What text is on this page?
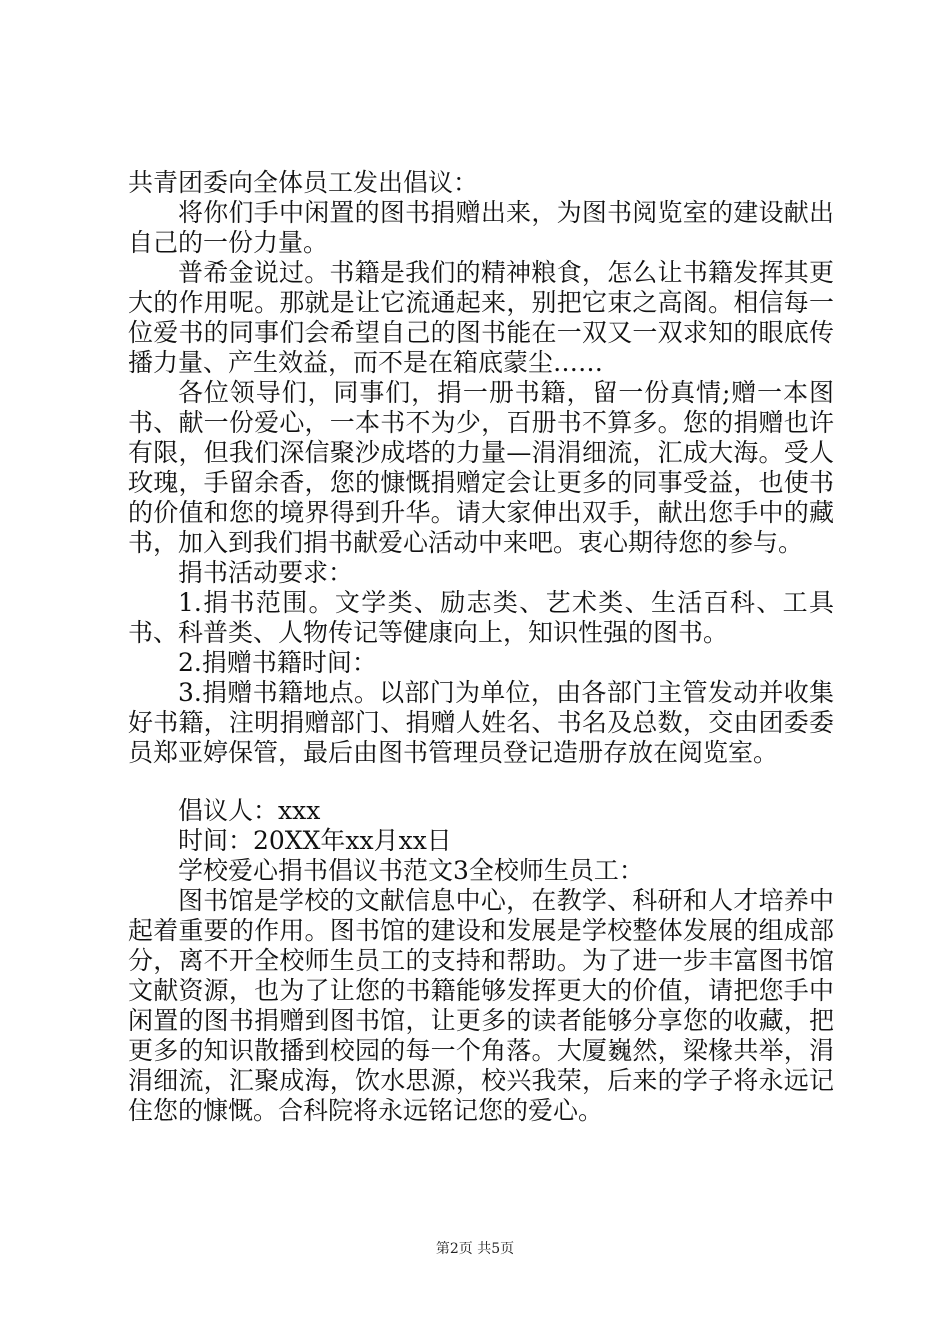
共青团委向全体员工发出倡议：

将你们手中闲置的图书捐赠出来，为图书阅览室的建设献出自己的一份力量。

普希金说过。书籍是我们的精神粮食，怎么让书籍发挥其更大的作用呢。那就是让它流通起来，别把它束之高阁。相信每一位爱书的同事们会希望自己的图书能在一双又一双求知的眼底传播力量、产生效益，而不是在箱底蒙尘……

各位领导们，同事们，捐一册书籍，留一份真情;赠一本图书、献一份爱心，一本书不为少，百册书不算多。您的捐赠也许有限，但我们深信聚沙成塔的力量—涓涓细流，汇成大海。受人玫瑰，手留余香，您的慷慨捐赠定会让更多的同事受益，也使书的价值和您的境界得到升华。请大家伸出双手，献出您手中的藏书，加入到我们捐书献爱心活动中来吧。衷心期待您的参与。

捐书活动要求：

1.捐书范围。文学类、励志类、艺术类、生活百科、工具书、科普类、人物传记等健康向上，知识性强的图书。

2.捐赠书籍时间：

3.捐赠书籍地点。以部门为单位，由各部门主管发动并收集好书籍，注明捐赠部门、捐赠人姓名、书名及总数，交由团委委员郑亚婷保管，最后由图书管理员登记造册存放在阅览室。

倡议人：xxx

时间：20XX年xx月xx日

学校爱心捐书倡议书范文3全校师生员工：

图书馆是学校的文献信息中心，在教学、科研和人才培养中起着重要的作用。图书馆的建设和发展是学校整体发展的组成部分，离不开全校师生员工的支持和帮助。为了进一步丰富图书馆文献资源，也为了让您的书籍能够发挥更大的价值，请把您手中闲置的图书捐赠到图书馆，让更多的读者能够分享您的收藏，把更多的知识散播到校园的每一个角落。大厦巍然，梁椽共举，涓涓细流，汇聚成海，饮水思源，校兴我荣，后来的学子将永远记住您的慷慨。合科院将永远铭记您的爱心。

第2页 共5页
